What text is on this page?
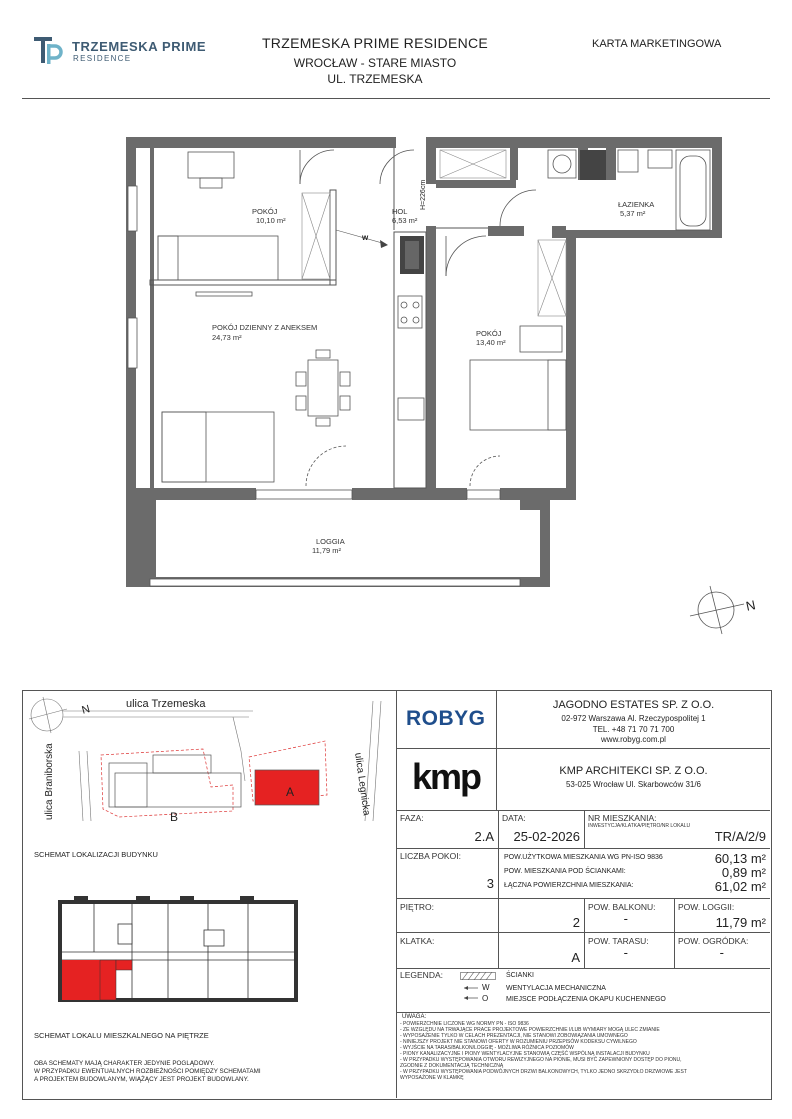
TRZEMESKA PRIME
RESIDENCE
TRZEMESKA PRIME RESIDENCE
WROCŁAW - STARE MIASTO
UL. TRZEMESKA
KARTA MARKETINGOWA
N
w
H=226cm
POKÓJ
10,10 m²
HOL
6,53 m²
ŁAZIENKA
5,37 m²
POKÓJ DZIENNY Z ANEKSEM
24,73 m²	POKÓJ
13,40 m²
LOGGIA
11,79 m²
ulica Trzemeska
ulica Braniborska	ulica Legnicka
N
A
B
SCHEMAT LOKALIZACJI BUDYNKU
SCHEMAT LOKALU MIESZKALNEGO NA PIĘTRZE
OBA SCHEMATY MAJĄ CHARAKTER JEDYNIE POGLĄDOWY.
W PRZYPADKU EWENTUALNYCH ROZBIEŻNOŚCI POMIĘDZY SCHEMATAMI
A PROJEKTEM BUDOWLANYM, WIĄŻĄCY JEST PROJEKT BUDOWLANY.
ROBYG
kmp
JAGODNO ESTATES SP. Z O.O.
02-972 Warszawa Al. Rzeczypospolitej 1
TEL. +48 71 70 71 700
www.robyg.com.pl
KMP ARCHITEKCI SP. Z O.O.
53-025 Wrocław Ul. Skarbowców 31/6
FAZA:
2.A
DATA:
25-02-2026
NR MIESZKANIA:
INWESTYCJA/KLATKA/PIĘTRO/NR LOKALU
TR/A/2/9
LICZBA POKOI:
3
POW.UŻYTKOWA MIESZKANIA WG PN-ISO 9836	60,13 m²
POW. MIESZKANIA POD ŚCIANKAMI:	0,89 m²
ŁĄCZNA POWIERZCHNIA MIESZKANIA:	61,02 m²
PIĘTRO:
2
POW. BALKONU:
-
POW. LOGGII:
11,79 m²
KLATKA:
A
POW. TARASU:
-
POW. OGRÓDKA:
-
LEGENDA:	ŚCIANKI
W WENTYLACJA MECHANICZNA
O	MIEJSCE PODŁĄCZENIA OKAPU KUCHENNEGO
UWAGA:
- POWIERZCHNIE LICZONE WG NORMY PN - ISO 9836
- ZE WZGLĘDU NA TRWAJĄCE PRACE PROJEKTOWE POWIERZCHNIE I/LUB WYMIARY MOGĄ ULEC ZMIANIE
- WYPOSAŻENIE TYLKO W CELACH PREZENTACJI, NIE STANOWI ZOBOWIĄZANIA UMOWNEGO
- NINIEJSZY PROJEKT NIE STANOWI OFERTY W ROZUMIENIU PRZEPISÓW KODEKSU CYWILNEGO
- WYJŚCIE NA TARAS/BALKON/LOGGIĘ - MOŻLIWA RÓŻNICA POZIOMÓW
- PIONY KANALIZACYJNE I PIONY WENTYLACYJNE STANOWIĄ CZĘŚĆ WSPÓLNĄ INSTALACJI BUDYNKU
- W PRZYPADKU WYSTĘPOWANIA OTWORU REWIZYJNEGO NA PIONIE, MUSI BYĆ ZAPEWNIONY DOSTĘP DO PIONU,
ZGODNIE Z DOKUMENTACJĄ TECHNICZNĄ
- W PRZYPADKU WYSTĘPOWANIA PODWÓJNYCH DRZWI BALKONOWYCH, TYLKO JEDNO SKRZYDŁO DRZWIOWE JEST
WYPOSAŻONE W KLAMKĘ
